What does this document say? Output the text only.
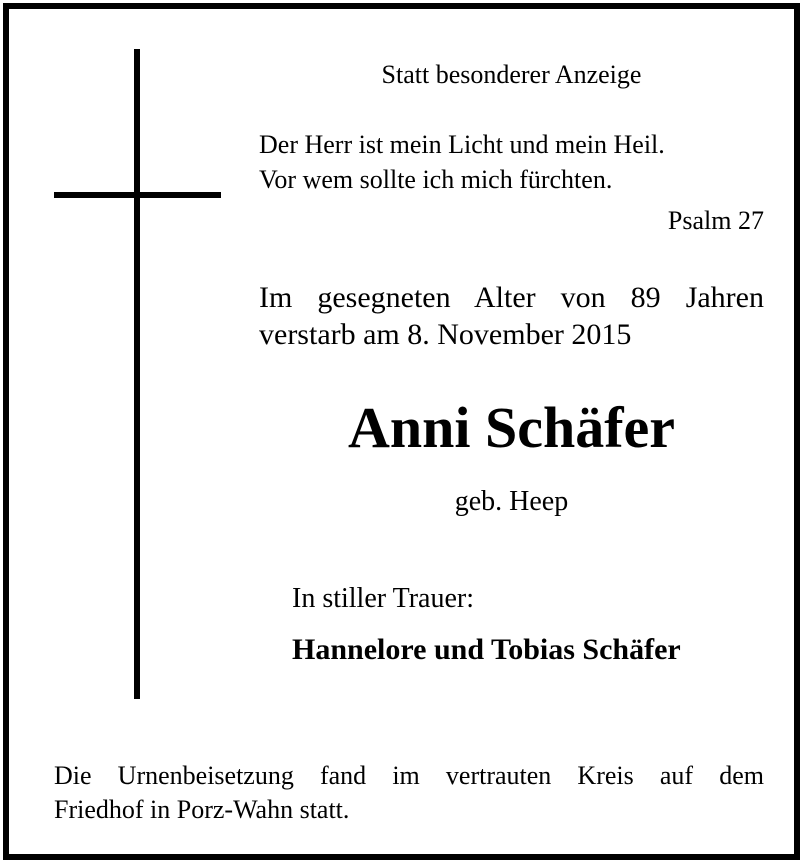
Statt besonderer Anzeige

Der Herr ist mein Licht und mein Heil.
Vor wem sollte ich mich fürchten.

Psalm 27

Im gesegneten Alter von 89 Jahren

verstarb am 8. November 2015

Anni Schäfer

geb. Heep

In stiller Trauer:

Hannelore und Tobias Schäfer

Die Urnenbeisetzung fand im vertrauten Kreis auf dem

Friedhof in Porz-Wahn statt.
